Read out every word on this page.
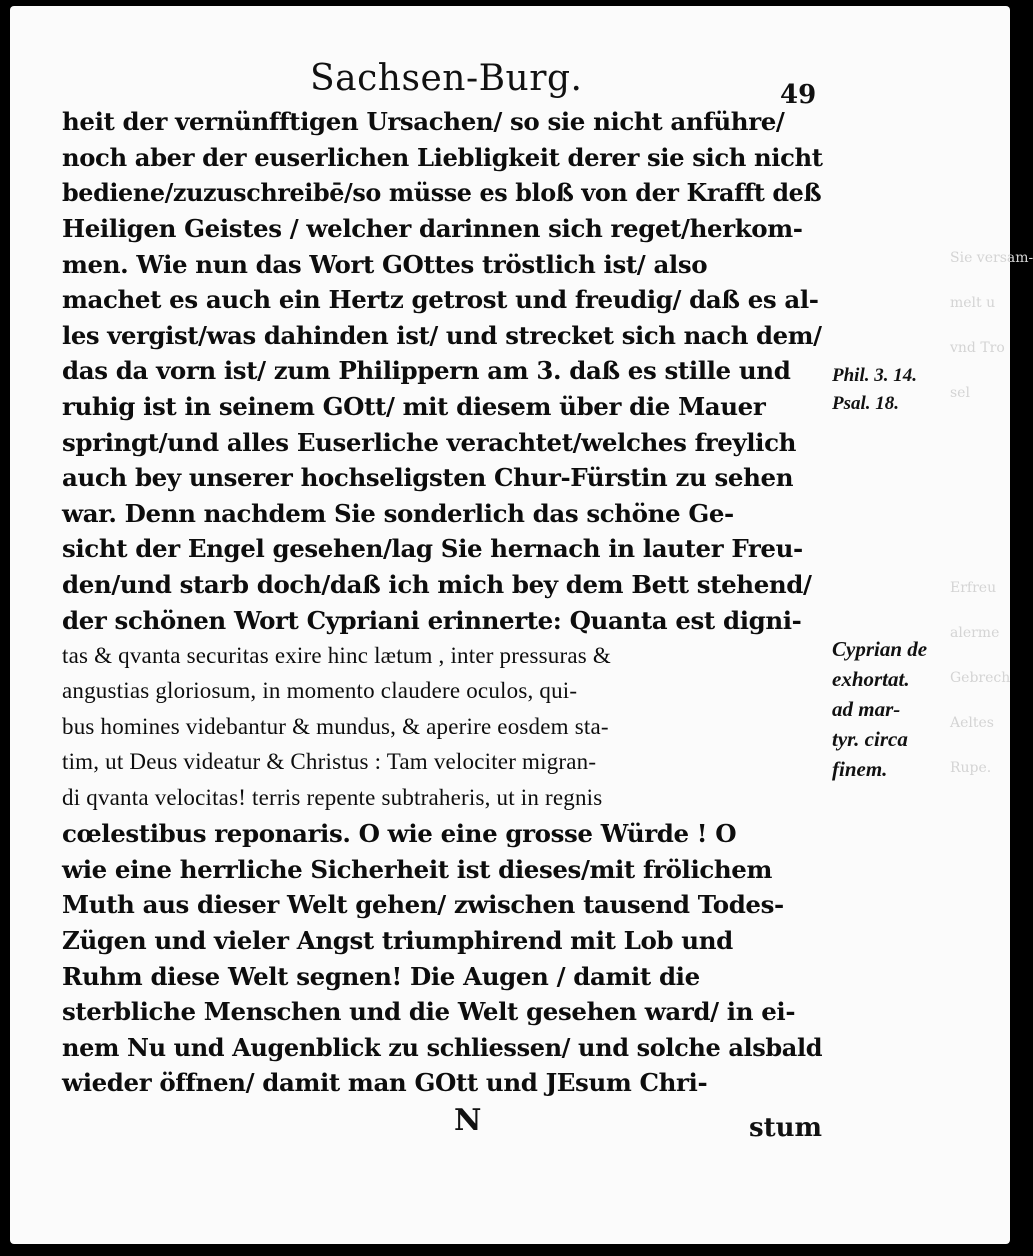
Sie versam-

melt u

vnd Tro

sel

Erfreu

alerme

Gebrech

Aeltes

Rupe.

Sachsen-Burg.	49
heit der vernünfftigen Ursachen/ so sie nicht anführe/
noch aber der euserlichen Liebligkeit derer sie sich nicht
bediene/zuzuschreibē/so müsse es bloß von der Krafft deß
Heiligen Geistes / welcher darinnen sich reget/herkom-
men. Wie nun das Wort GOttes tröstlich ist/ also
machet es auch ein Hertz getrost und freudig/ daß es al-
les vergist/was dahinden ist/ und strecket sich nach dem/
das da vorn ist/ zum Philippern am 3. daß es stille und
ruhig ist in seinem GOtt/ mit diesem über die Mauer
springt/und alles Euserliche verachtet/welches freylich
auch bey unserer hochseligsten Chur-Fürstin zu sehen
war. Denn nachdem Sie sonderlich das schöne Ge-
sicht der Engel gesehen/lag Sie hernach in lauter Freu-
den/und starb doch/daß ich mich bey dem Bett stehend/
der schönen Wort Cypriani erinnerte: Quanta est digni-
tas & qvanta securitas exire hinc lætum , inter pressuras &
angustias gloriosum, in momento claudere oculos, qui-
bus homines videbantur & mundus, & aperire eosdem sta-
tim, ut Deus videatur & Christus : Tam velociter migran-
di qvanta velocitas! terris repente subtraheris, ut in regnis
cœlestibus reponaris. O wie eine grosse Würde ! O
wie eine herrliche Sicherheit ist dieses/mit frölichem
Muth aus dieser Welt gehen/ zwischen tausend Todes-
Zügen und vieler Angst triumphirend mit Lob und
Ruhm diese Welt segnen! Die Augen / damit die
sterbliche Menschen und die Welt gesehen ward/ in ei-
nem Nu und Augenblick zu schliessen/ und solche alsbald
wieder öffnen/ damit man GOtt und JEsum Chri-
N	stum
Phil. 3. 14.
Psal. 18.
Cyprian de
exhortat.
ad mar-
tyr. circa
finem.
